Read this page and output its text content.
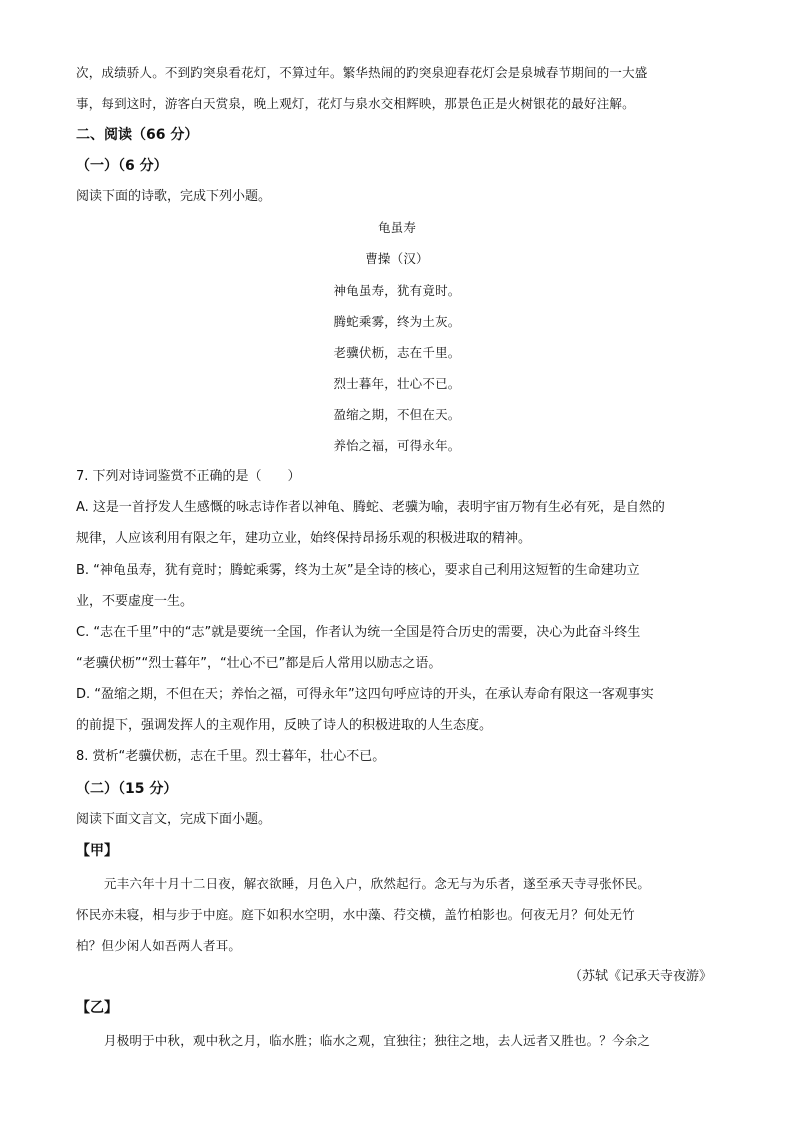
次，成绩骄人。不到趵突泉看花灯，不算过年。繁华热闹的趵突泉迎春花灯会是泉城春节期间的一大盛
事，每到这时，游客白天赏泉，晚上观灯，花灯与泉水交相辉映，那景色正是火树银花的最好注解。
二、阅读（66 分）
（一）（6 分）
阅读下面的诗歌，完成下列小题。
龟虽寿
曹操（汉）
神龟虽寿，犹有竟时。
腾蛇乘雾，终为土灰。
老骥伏枥，志在千里。
烈士暮年，壮心不已。
盈缩之期，不但在天。
养怡之福，可得永年。
7. 下列对诗词鉴赏不正确的是（　　）
A. 这是一首抒发人生感慨的咏志诗作者以神龟、腾蛇、老骥为喻，表明宇宙万物有生必有死，是自然的
规律，人应该利用有限之年，建功立业，始终保持昂扬乐观的积极进取的精神。
B. “神龟虽寿，犹有竟时；腾蛇乘雾，终为土灰”是全诗的核心，要求自己利用这短暂的生命建功立
业，不要虚度一生。
C. “志在千里”中的“志”就是要统一全国，作者认为统一全国是符合历史的需要，决心为此奋斗终生
“老骥伏枥”“烈士暮年”，“壮心不已”都是后人常用以励志之语。
D. “盈缩之期，不但在天；养怡之福，可得永年”这四句呼应诗的开头，在承认寿命有限这一客观事实
的前提下，强调发挥人的主观作用，反映了诗人的积极进取的人生态度。
8. 赏析“老骥伏枥，志在千里。烈士暮年，壮心不已。
（二）（15 分）
阅读下面文言文，完成下面小题。
【甲】
元丰六年十月十二日夜，解衣欲睡，月色入户，欣然起行。念无与为乐者，遂至承天寺寻张怀民。
怀民亦未寝，相与步于中庭。庭下如积水空明，水中藻、荇交横，盖竹柏影也。何夜无月？何处无竹
柏？但少闲人如吾两人者耳。
（苏轼《记承天寺夜游》
【乙】
月极明于中秋，观中秋之月，临水胜；临水之观，宜独往；独往之地，去人远者又胜也。？今余之
